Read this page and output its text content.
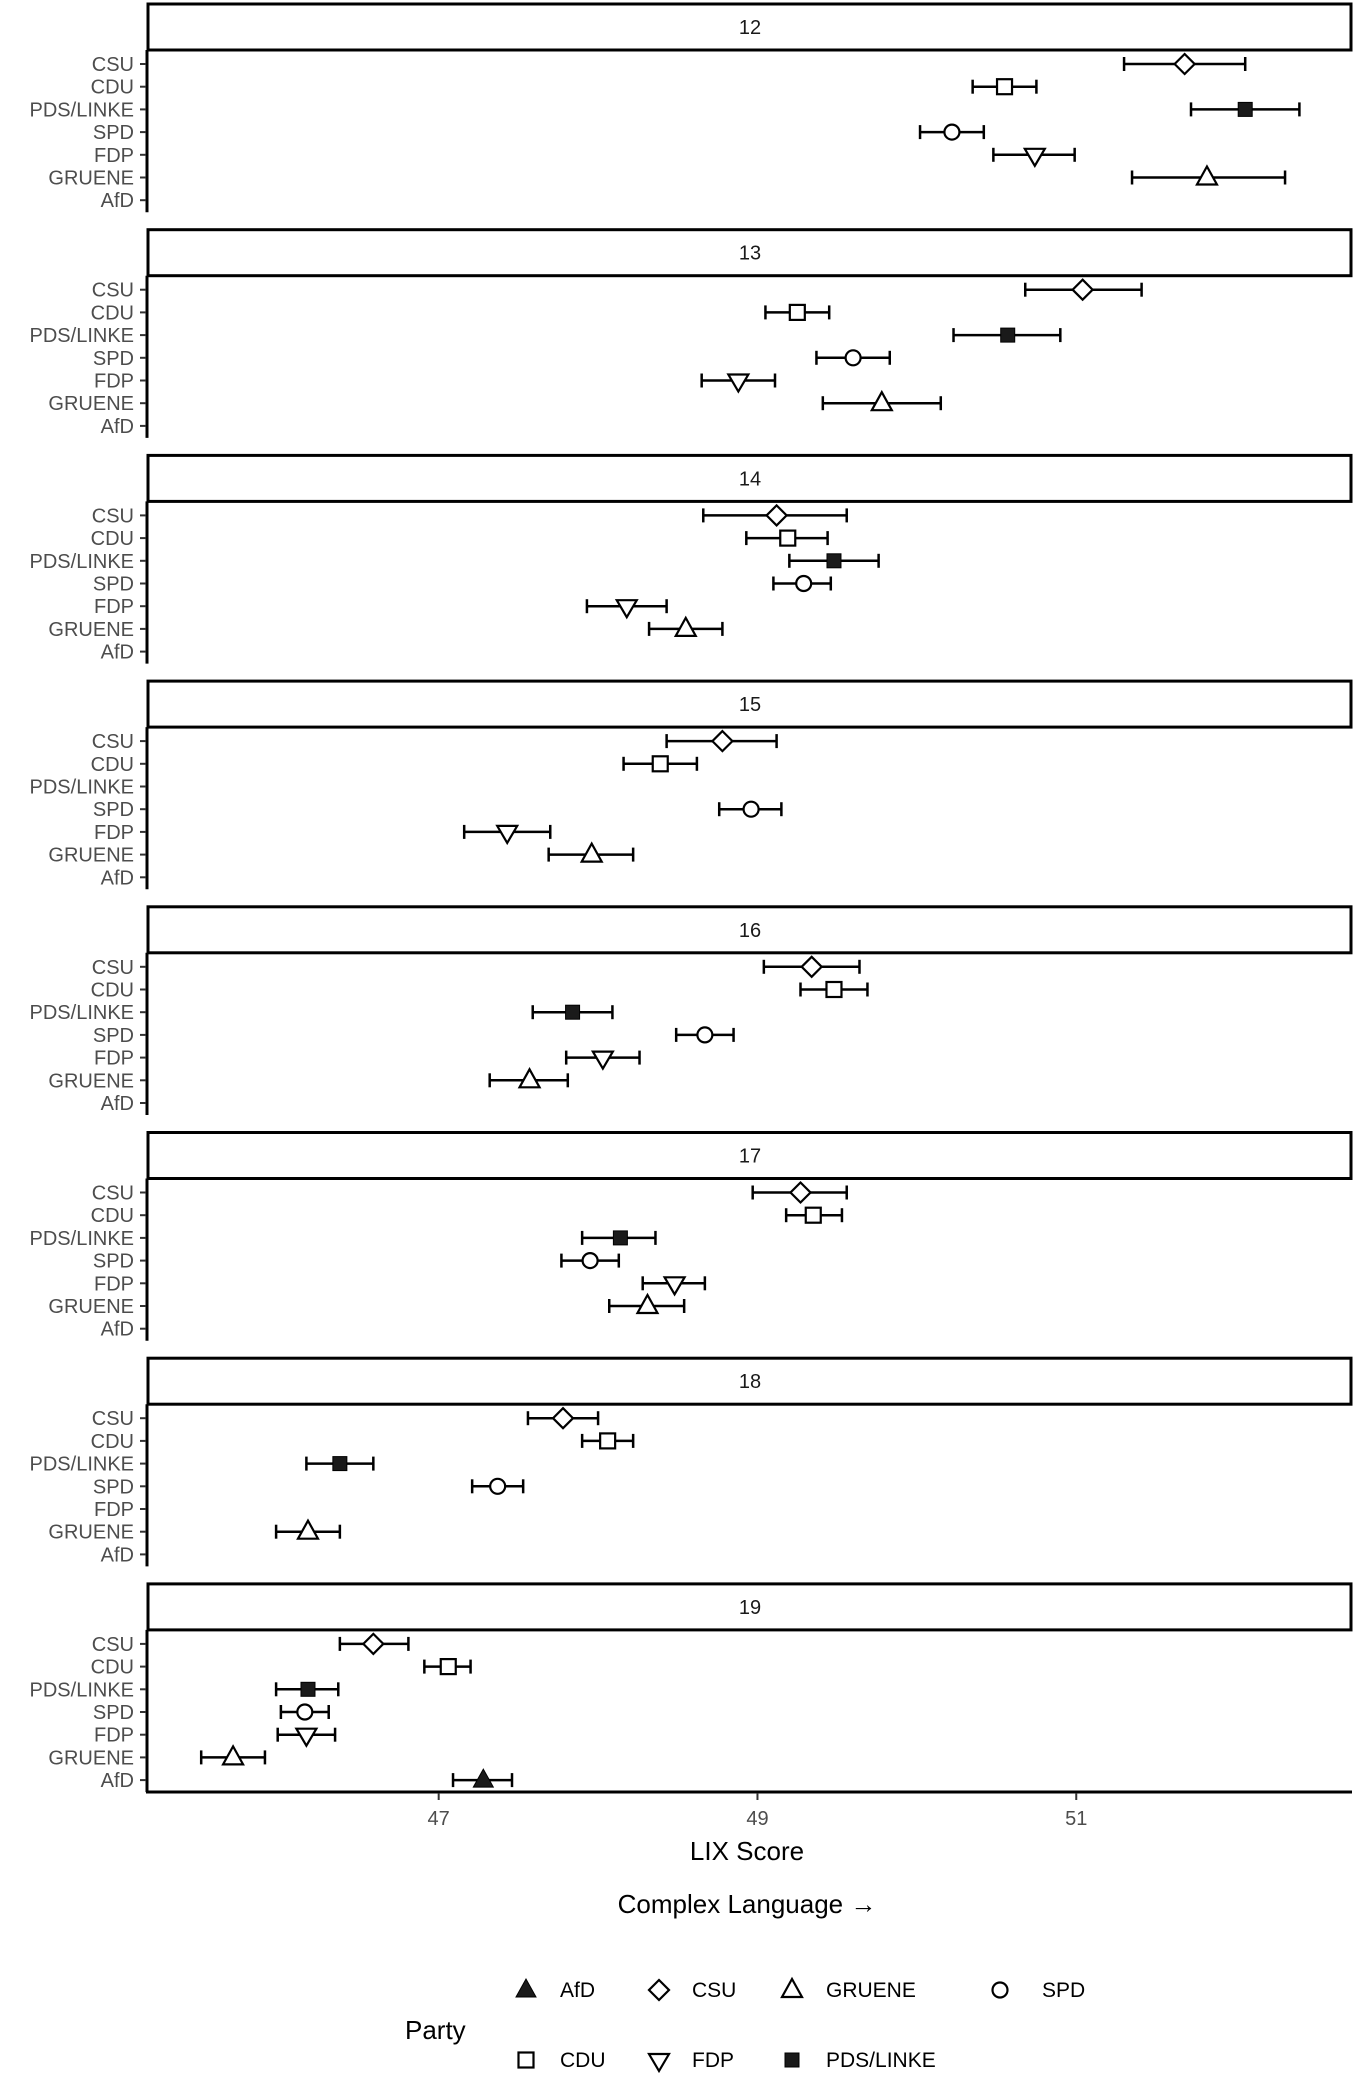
12
CSU
CDU
PDS/LINKE
SPD
FDP
GRUENE
AfD
13
CSU
CDU
PDS/LINKE
SPD
FDP
GRUENE
AfD
14
CSU
CDU
PDS/LINKE
SPD
FDP
GRUENE
AfD
15
CSU
CDU
PDS/LINKE
SPD
FDP
GRUENE
AfD
16
CSU
CDU
PDS/LINKE
SPD
FDP
GRUENE
AfD
17
CSU
CDU
PDS/LINKE
SPD
FDP
GRUENE
AfD
18
CSU
CDU
PDS/LINKE
SPD
FDP
GRUENE
AfD
19
CSU
CDU
PDS/LINKE
SPD
FDP
GRUENE
AfD
47	49	51
LIX Score
Complex Language →
Party
AfD	CSU	GRUENE	SPD
CDU	FDP	PDS/LINKE
